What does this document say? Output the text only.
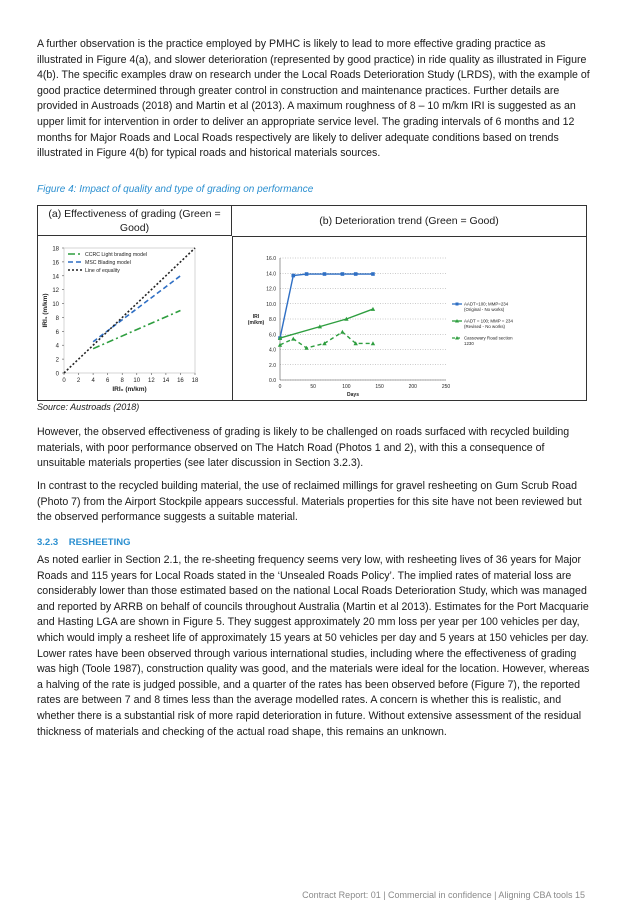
A further observation is the practice employed by PMHC is likely to lead to more effective grading practice as illustrated in Figure 4(a), and slower deterioration (represented by good practice) in ride quality as illustrated in Figure 4(b). The specific examples draw on research under the Local Roads Deterioration Study (LRDS), with the example of good practice determined through greater control in construction and maintenance practices. Further details are provided in Austroads (2018) and Martin et al (2013). A maximum roughness of 8 – 10 m/km IRI is suggested as an upper limit for intervention in order to deliver an appropriate service level. The grading intervals of 6 months and 12 months for Major Roads and Local Roads respectively are likely to deliver adequate conditions based on trends illustrated in Figure 4(b) for typical roads and historical materials sources.

Figure 4: Impact of quality and type of grading on performance

(a) Effectiveness of grading (Green = Good)
(b) Deterioration trend (Green = Good)
0
2
4
6
8
10
12
14
16
18
0 2 4 6 8 10 12 14 16 18
IRI₀ (m/km)
IRI₁ (m/km)
CCRC Light brading model
MSC Blading model
Line of equality
0.0
2.0
4.0
6.0
8.0
10.0
12.0
14.0
16.0
0	50	100	150	200	250
Days
IRI (m/km)
AADT=100; MMP=234 (Original - No works)
AADT = 100; MMP = 234 (Revised - No works)
Cassowary Road section 1230

Source: Austroads (2018)

However, the observed effectiveness of grading is likely to be challenged on roads surfaced with recycled building materials, with poor performance observed on The Hatch Road (Photos 1 and 2), with this a consequence of unsuitable materials properties (see later discussion in Section 3.2.3).

In contrast to the recycled building material, the use of reclaimed millings for gravel resheeting on Gum Scrub Road (Photo 7) from the Airport Stockpile appears successful. Materials properties for this site have not been reviewed but the observed performance suggests a suitable material.

3.2.3 RESHEETING

As noted earlier in Section 2.1, the re-sheeting frequency seems very low, with resheeting lives of 36 years for Major Roads and 115 years for Local Roads stated in the ‘Unsealed Roads Policy’. The implied rates of material loss are considerably lower than those estimated based on the national Local Roads Deterioration Study, which was managed and reported by ARRB on behalf of councils throughout Australia (Martin et al 2013). Estimates for the Port Macquarie and Hasting LGA are shown in Figure 5. They suggest approximately 20 mm loss per year per 100 vehicles per day, which would imply a resheet life of approximately 15 years at 50 vehicles per day and 5 years at 150 vehicles per day. Lower rates have been observed through various international studies, including where the effectiveness of grading was high (Toole 1987), construction quality was good, and the materials were ideal for the location. However, whereas a halving of the rate is judged possible, and a quarter of the rates has been observed before (Figure 7), the reported rates are between 7 and 8 times less than the average modelled rates. A concern is whether this is realistic, and whether there is a substantial risk of more rapid deterioration in future. Without extensive assessment of the residual thickness of materials and checking of the actual road shape, this remains an unknown.

Contract Report: 01 | Commercial in confidence | Aligning CBA tools 15
